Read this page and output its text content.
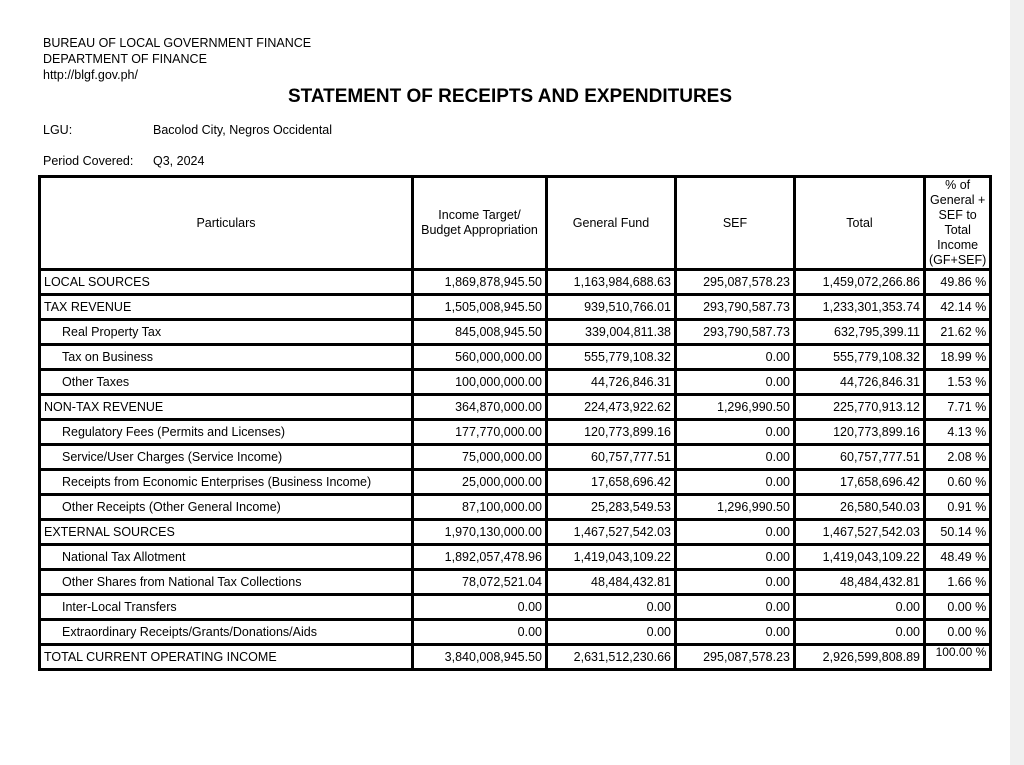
BUREAU OF LOCAL GOVERNMENT FINANCE
DEPARTMENT OF FINANCE
http://blgf.gov.ph/
STATEMENT OF RECEIPTS AND EXPENDITURES
LGU:	Bacolod City, Negros Occidental
Period Covered: Q3, 2024
Particulars	Income Target/ Budget Appropriation	General Fund	SEF	Total	% of General + SEF to Total Income (GF+SEF)
LOCAL SOURCES	1,869,878,945.50	1,163,984,688.63	295,087,578.23	1,459,072,266.86	49.86 %
TAX REVENUE	1,505,008,945.50	939,510,766.01	293,790,587.73	1,233,301,353.74	42.14 %
Real Property Tax	845,008,945.50	339,004,811.38	293,790,587.73	632,795,399.11	21.62 %
Tax on Business	560,000,000.00	555,779,108.32	0.00	555,779,108.32	18.99 %
Other Taxes	100,000,000.00	44,726,846.31	0.00	44,726,846.31	1.53 %
NON-TAX REVENUE	364,870,000.00	224,473,922.62	1,296,990.50	225,770,913.12	7.71 %
Regulatory Fees (Permits and Licenses)	177,770,000.00	120,773,899.16	0.00	120,773,899.16	4.13 %
Service/User Charges (Service Income)	75,000,000.00	60,757,777.51	0.00	60,757,777.51	2.08 %
Receipts from Economic Enterprises (Business Income)	25,000,000.00	17,658,696.42	0.00	17,658,696.42	0.60 %
Other Receipts (Other General Income)	87,100,000.00	25,283,549.53	1,296,990.50	26,580,540.03	0.91 %
EXTERNAL SOURCES	1,970,130,000.00	1,467,527,542.03	0.00	1,467,527,542.03	50.14 %
National Tax Allotment	1,892,057,478.96	1,419,043,109.22	0.00	1,419,043,109.22	48.49 %
Other Shares from National Tax Collections	78,072,521.04	48,484,432.81	0.00	48,484,432.81	1.66 %
Inter-Local Transfers	0.00	0.00	0.00	0.00	0.00 %
Extraordinary Receipts/Grants/Donations/Aids	0.00	0.00	0.00	0.00	0.00 %
TOTAL CURRENT OPERATING INCOME	3,840,008,945.50	2,631,512,230.66	295,087,578.23	2,926,599,808.89	100.00 %
